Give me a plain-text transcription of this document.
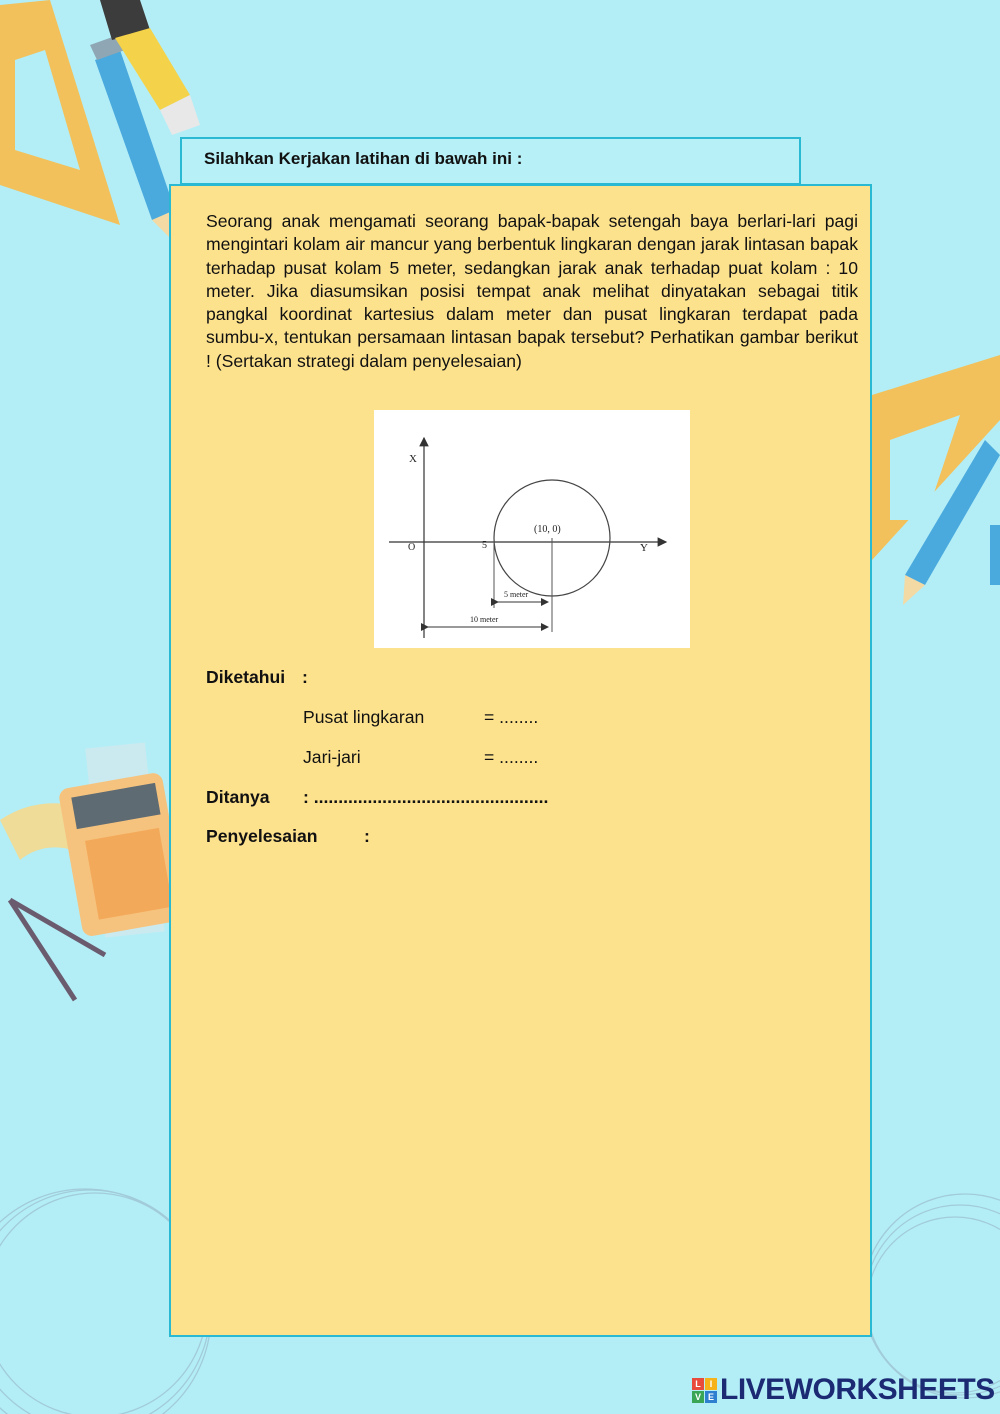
Silahkan Kerjakan latihan di bawah ini :

Seorang anak mengamati seorang bapak-bapak setengah baya berlari-lari pagi mengintari kolam air mancur yang berbentuk lingkaran dengan jarak lintasan bapak terhadap pusat kolam 5 meter, sedangkan jarak anak terhadap puat kolam : 10 meter. Jika diasumsikan posisi tempat anak melihat dinyatakan sebagai titik pangkal koordinat kartesius dalam meter dan pusat lingkaran terdapat pada sumbu-x, tentukan persamaan lintasan bapak tersebut? Perhatikan gambar berikut ! (Sertakan strategi dalam penyelesaian)

X
Y
O	5
(10, 0)
5 meter
10 meter
Diketahui :
Pusat lingkaran	= ........
Jari-jari	= ........
Ditanya : ................................................
Penyelesaian	:
L I
V E LIVEWORKSHEETS
